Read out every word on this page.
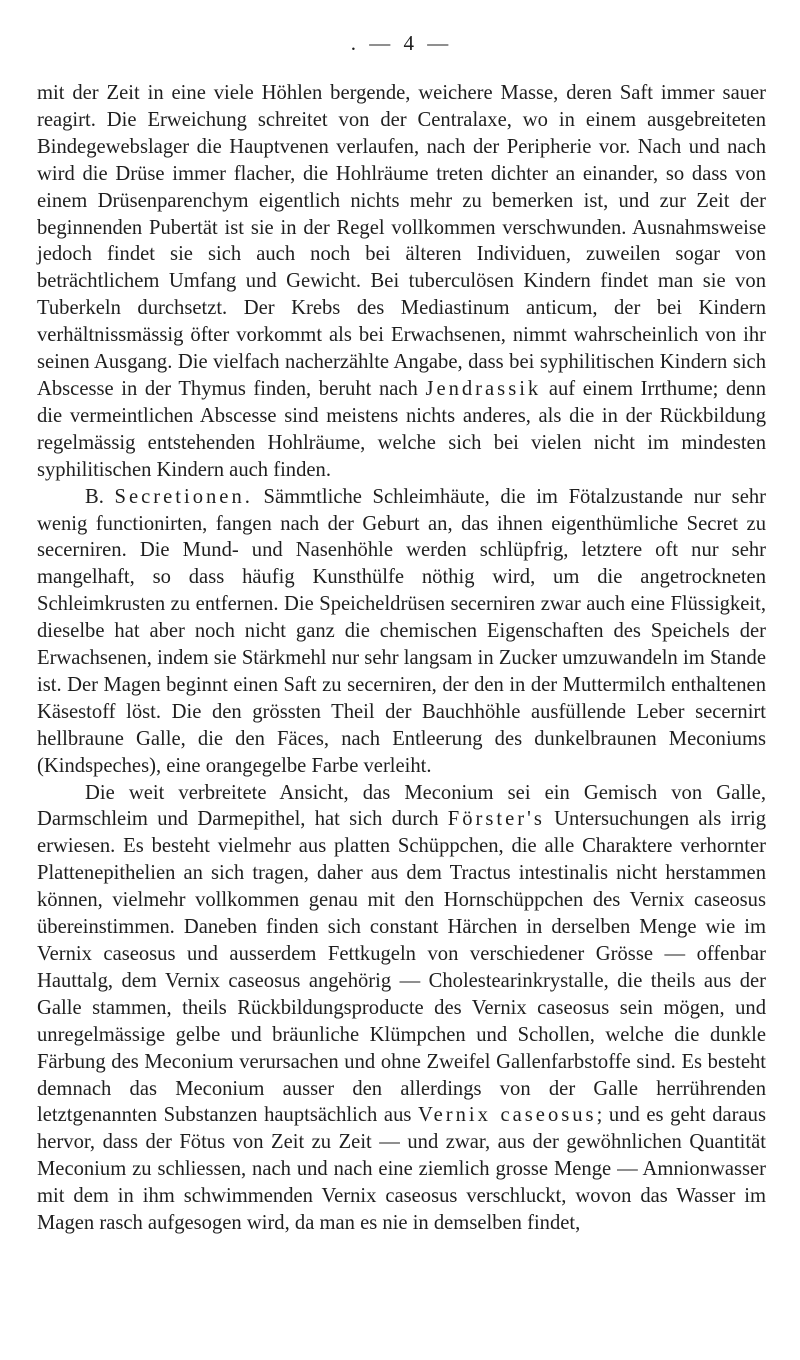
. — 4 —

mit der Zeit in eine viele Höhlen bergende, weichere Masse, deren Saft immer sauer reagirt. Die Erweichung schreitet von der Centralaxe, wo in einem ausgebreiteten Bindegewebslager die Hauptvenen verlaufen, nach der Peripherie vor. Nach und nach wird die Drüse immer flacher, die Hohlräume treten dichter an einander, so dass von einem Drüsenparenchym eigentlich nichts mehr zu bemerken ist, und zur Zeit der beginnenden Pubertät ist sie in der Regel vollkommen verschwunden. Ausnahmsweise jedoch findet sie sich auch noch bei älteren Individuen, zuweilen sogar von beträchtlichem Umfang und Gewicht. Bei tuberculösen Kindern findet man sie von Tuberkeln durchsetzt. Der Krebs des Mediastinum anticum, der bei Kindern verhältnissmässig öfter vorkommt als bei Erwachsenen, nimmt wahrscheinlich von ihr seinen Ausgang. Die vielfach nacherzählte Angabe, dass bei syphilitischen Kindern sich Abscesse in der Thymus finden, beruht nach Jendrassik auf einem Irrthume; denn die vermeintlichen Abscesse sind meistens nichts anderes, als die in der Rückbildung regelmässig entstehenden Hohlräume, welche sich bei vielen nicht im mindesten syphilitischen Kindern auch finden.

B. Secretionen. Sämmtliche Schleimhäute, die im Fötalzustande nur sehr wenig functionirten, fangen nach der Geburt an, das ihnen eigenthümliche Secret zu secerniren. Die Mund- und Nasenhöhle werden schlüpfrig, letztere oft nur sehr mangelhaft, so dass häufig Kunsthülfe nöthig wird, um die angetrockneten Schleimkrusten zu entfernen. Die Speicheldrüsen secerniren zwar auch eine Flüssigkeit, dieselbe hat aber noch nicht ganz die chemischen Eigenschaften des Speichels der Erwachsenen, indem sie Stärkmehl nur sehr langsam in Zucker umzuwandeln im Stande ist. Der Magen beginnt einen Saft zu secerniren, der den in der Muttermilch enthaltenen Käsestoff löst. Die den grössten Theil der Bauchhöhle ausfüllende Leber secernirt hellbraune Galle, die den Fäces, nach Entleerung des dunkelbraunen Meconiums (Kindspeches), eine orangegelbe Farbe verleiht.

Die weit verbreitete Ansicht, das Meconium sei ein Gemisch von Galle, Darmschleim und Darmepithel, hat sich durch Förster's Untersuchungen als irrig erwiesen. Es besteht vielmehr aus platten Schüppchen, die alle Charaktere verhornter Plattenepithelien an sich tragen, daher aus dem Tractus intestinalis nicht herstammen können, vielmehr vollkommen genau mit den Hornschüppchen des Vernix caseosus übereinstimmen. Daneben finden sich constant Härchen in derselben Menge wie im Vernix caseosus und ausserdem Fettkugeln von verschiedener Grösse — offenbar Hauttalg, dem Vernix caseosus angehörig — Cholestearinkrystalle, die theils aus der Galle stammen, theils Rückbildungsproducte des Vernix caseosus sein mögen, und unregelmässige gelbe und bräunliche Klümpchen und Schollen, welche die dunkle Färbung des Meconium verursachen und ohne Zweifel Gallenfarbstoffe sind. Es besteht demnach das Meconium ausser den allerdings von der Galle herrührenden letztgenannten Substanzen hauptsächlich aus Vernix caseosus; und es geht daraus hervor, dass der Fötus von Zeit zu Zeit — und zwar, aus der gewöhnlichen Quantität Meconium zu schliessen, nach und nach eine ziemlich grosse Menge — Amnionwasser mit dem in ihm schwimmenden Vernix caseosus verschluckt, wovon das Wasser im Magen rasch aufgesogen wird, da man es nie in demselben findet,
